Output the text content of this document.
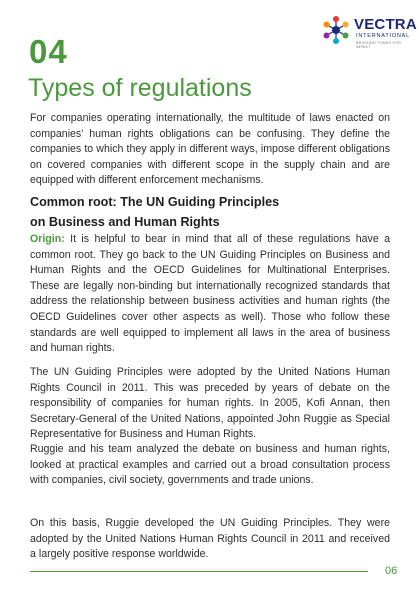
VECTRA
INTERNATIONAL
BRIDGING FUNDS FOR IMPACT
04
Types of regulations
For companies operating internationally, the multitude of laws enacted on companies' human rights obligations can be confusing. They define the companies to which they apply in different ways, impose different obligations on covered companies with different scope in the supply chain and are equipped with different enforcement mechanisms.
Common root: The UN Guiding Principles
on Business and Human Rights
Origin: It is helpful to bear in mind that all of these regulations have a common root. They go back to the UN Guiding Principles on Business and Human Rights and the OECD Guidelines for Multinational Enterprises. These are legally non-binding but internationally recognized standards that address the relationship between business activities and human rights (the OECD Guidelines cover other aspects as well). Those who follow these standards are well equipped to implement all laws in the area of business and human rights.
The UN Guiding Principles were adopted by the United Nations Human Rights Council in 2011. This was preceded by years of debate on the responsibility of companies for human rights. In 2005, Kofi Annan, then Secretary-General of the United Nations, appointed John Ruggie as Special Representative for Business and Human Rights.
Ruggie and his team analyzed the debate on business and human rights, looked at practical examples and carried out a broad consultation process with companies, civil society, governments and trade unions.
On this basis, Ruggie developed the UN Guiding Principles. They were adopted by the United Nations Human Rights Council in 2011 and received a largely positive response worldwide.
06
